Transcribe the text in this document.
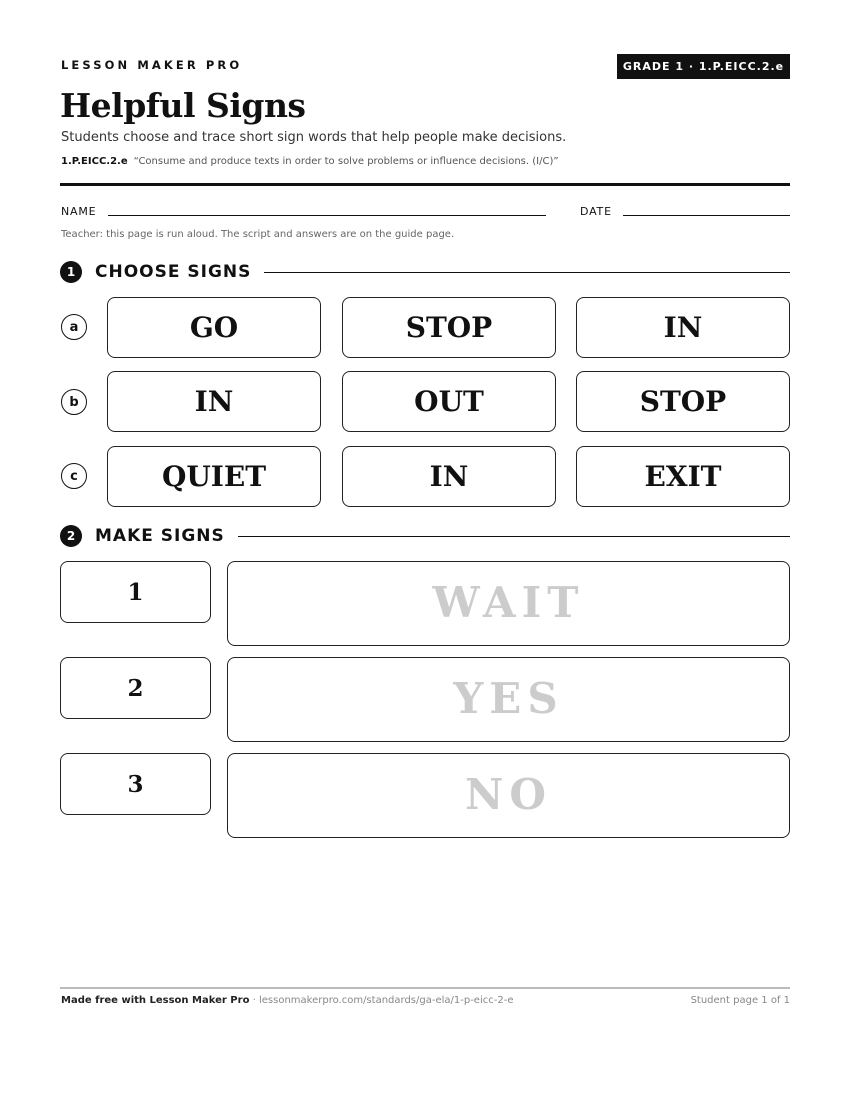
LESSON MAKER PRO	GRADE 1 · 1.P.EICC.2.e
Helpful Signs
Students choose and trace short sign words that help people make decisions.
1.P.EICC.2.e “Consume and produce texts in order to solve problems or influence decisions. (I/C)”
NAME	DATE
Teacher: this page is run aloud. The script and answers are on the guide page.
1	CHOOSE SIGNS
a	GO	STOP	IN
b	IN	OUT	STOP
c	QUIET	IN	EXIT
2	MAKE SIGNS
1	WAIT
2	YES
3	NO
Made free with Lesson Maker Pro · lessonmakerpro.com/standards/ga-ela/1-p-eicc-2-e	Student page 1 of 1
